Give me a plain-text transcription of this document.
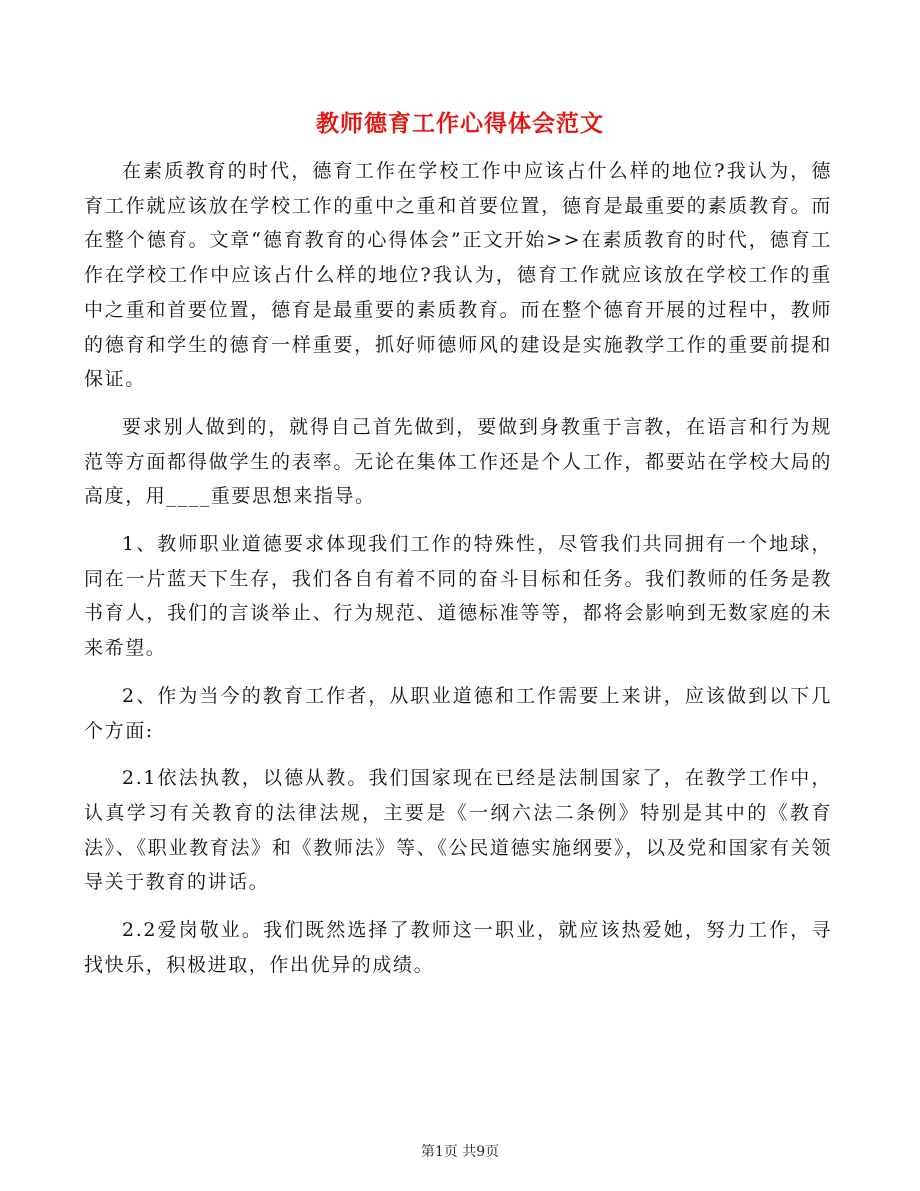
教师德育工作心得体会范文

在素质教育的时代，德育工作在学校工作中应该占什么样的地位?我认为，德育工作就应该放在学校工作的重中之重和首要位置，德育是最重要的素质教育。而在整个德育。文章“德育教育的心得体会”正文开始>>在素质教育的时代，德育工作在学校工作中应该占什么样的地位?我认为，德育工作就应该放在学校工作的重中之重和首要位置，德育是最重要的素质教育。而在整个德育开展的过程中，教师的德育和学生的德育一样重要，抓好师德师风的建设是实施教学工作的重要前提和保证。

要求别人做到的，就得自己首先做到，要做到身教重于言教，在语言和行为规范等方面都得做学生的表率。无论在集体工作还是个人工作，都要站在学校大局的高度，用____重要思想来指导。

1、教师职业道德要求体现我们工作的特殊性，尽管我们共同拥有一个地球，同在一片蓝天下生存，我们各自有着不同的奋斗目标和任务。我们教师的任务是教书育人，我们的言谈举止、行为规范、道德标准等等，都将会影响到无数家庭的未来希望。

2、作为当今的教育工作者，从职业道德和工作需要上来讲，应该做到以下几个方面:

2.1依法执教，以德从教。我们国家现在已经是法制国家了，在教学工作中，认真学习有关教育的法律法规，主要是《一纲六法二条例》特别是其中的《教育法》、《职业教育法》和《教师法》等、《公民道德实施纲要》，以及党和国家有关领导关于教育的讲话。

2.2爱岗敬业。我们既然选择了教师这一职业，就应该热爱她，努力工作，寻找快乐，积极进取，作出优异的成绩。

第1页 共9页
